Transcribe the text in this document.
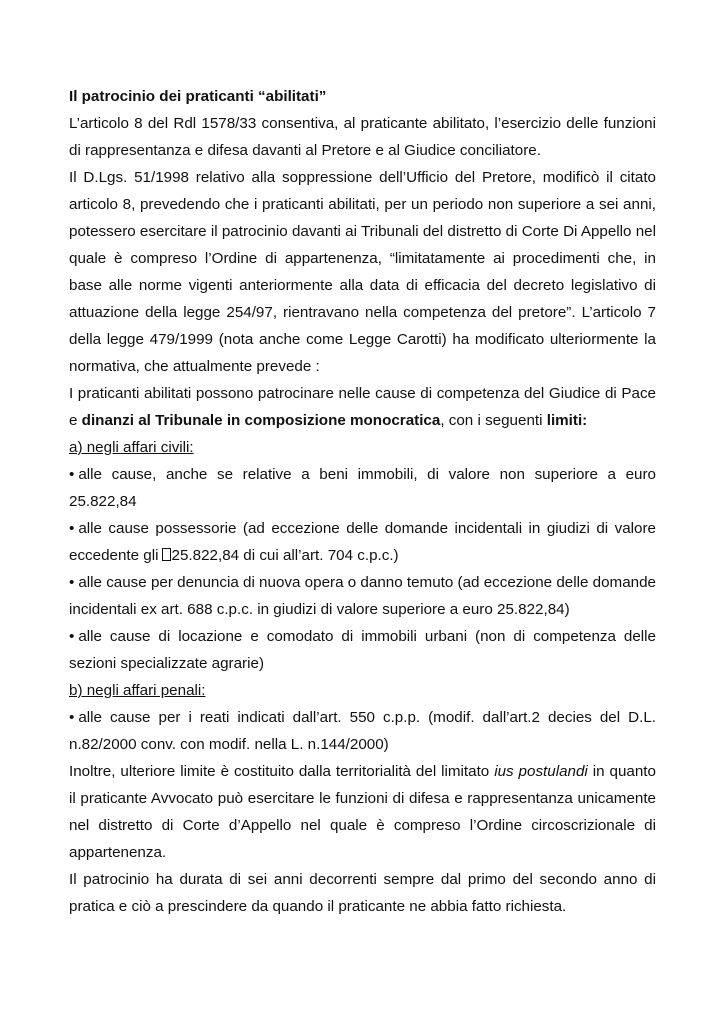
Il patrocinio dei praticanti “abilitati”

L’articolo 8 del Rdl 1578/33 consentiva, al praticante abilitato, l’esercizio delle funzioni di rappresentanza e difesa davanti al Pretore e al Giudice conciliatore.

Il D.Lgs. 51/1998 relativo alla soppressione dell’Ufficio del Pretore, modificò il citato articolo 8, prevedendo che i praticanti abilitati, per un periodo non superiore a sei anni, potessero esercitare il patrocinio davanti ai Tribunali del distretto di Corte Di Appello nel quale è compreso l’Ordine di appartenenza, “limitatamente ai procedimenti che, in base alle norme vigenti anteriormente alla data di efficacia del decreto legislativo di attuazione della legge 254/97, rientravano nella competenza del pretore”. L’articolo 7 della legge 479/1999 (nota anche come Legge Carotti) ha modificato ulteriormente la normativa, che attualmente prevede :

I praticanti abilitati possono patrocinare nelle cause di competenza del Giudice di Pace e dinanzi al Tribunale in composizione monocratica, con i seguenti limiti:

a) negli affari civili:

• alle cause, anche se relative a beni immobili, di valore non superiore a euro 25.822,84

• alle cause possessorie (ad eccezione delle domande incidentali in giudizi di valore eccedente gli 25.822,84 di cui all’art. 704 c.p.c.)

• alle cause per denuncia di nuova opera o danno temuto (ad eccezione delle domande incidentali ex art. 688 c.p.c. in giudizi di valore superiore a euro 25.822,84)

• alle cause di locazione e comodato di immobili urbani (non di competenza delle sezioni specializzate agrarie)

b) negli affari penali:

• alle cause per i reati indicati dall’art. 550 c.p.p. (modif. dall’art.2 decies del D.L. n.82/2000 conv. con modif. nella L. n.144/2000)

Inoltre, ulteriore limite è costituito dalla territorialità del limitato ius postulandi in quanto il praticante Avvocato può esercitare le funzioni di difesa e rappresentanza unicamente nel distretto di Corte d’Appello nel quale è compreso l’Ordine circoscrizionale di appartenenza.

Il patrocinio ha durata di sei anni decorrenti sempre dal primo del secondo anno di pratica e ciò a prescindere da quando il praticante ne abbia fatto richiesta.
